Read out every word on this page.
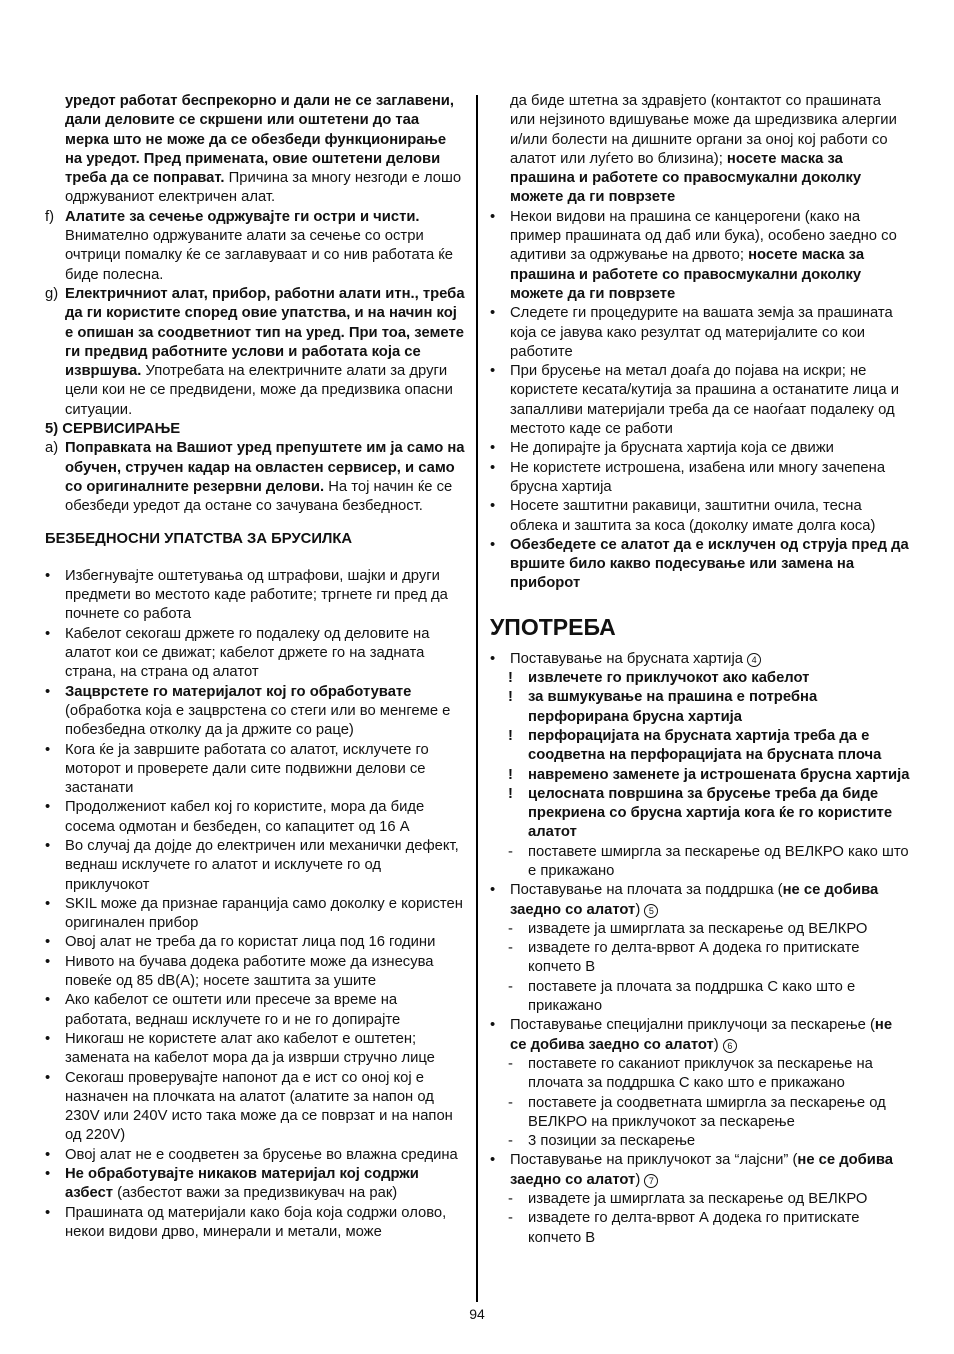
уредот работат беспрекорно и дали не се заглавени, дали деловите се скршени или оштетени до таа мерка што не може да се обезбеди функционирање на уредот. Пред примената, овие оштетени делови треба да се поправат. Причина за многу незгоди е лошо одржуваниот електричен алат.
f) Алатите за сечење одржувајте ги остри и чисти. Внимателно одржуваните алати за сечење со остри очтрици помалку ќе се заглавуваат и со нив работата ќе биде полесна.
g) Електричниот алат, прибор, работни алати итн., треба да ги користите според овие упатства, и на начин кој е опишан за соодветниот тип на уред. При тоа, земете ги предвид работните услови и работата која се извршува. Употребата на електричните алати за други цели кои не се предвидени, може да предизвика опасни ситуации.
5) СЕРВИСИРАЊЕ
a) Поправката на Вашиот уред препуштете им ја само на обучен, стручен кадар на овластен сервисер, и само со оригиналните резервни делови. На тој начин ќе се обезбеди уредот да остане со зачувана безбедност.
БЕЗБЕДНОСНИ УПАТСТВА ЗА БРУСИЛКА
• Избегнувајте оштетувања од штрафови, шајки и други предмети во местото каде работите; тргнете ги пред да почнете со работа
• Кабелот секогаш држете го подалеку од деловите на алатот кои се движат; кабелот држете го на задната страна, на страна од алатот
• Зацврстете го материјалот кој го обработувате (обработка која е зацврстена со стеги или во менгеме е побезбедна отколку да ја држите со раце)
• Кога ќе ја завршите работата со алатот, исклучете го моторот и проверете дали сите подвижни делови се застанати
• Продолжениот кабел кој го користите, мора да биде сосема одмотан и безбеден, со капацитет од 16 А
• Во случај да дојде до електричен или механички дефект, веднаш исклучете го алатот и исклучете го од приклучокот
• SKIL може да признае гаранција само доколку е користен оригинален прибор
• Овој алат не треба да го користат лица под 16 години
• Нивото на бучава додека работите може да изнесува повеќе од 85 dB(A); носете заштита за ушите
• Ако кабелот се оштети или пресече за време на работата, веднаш исклучете го и не го допирајте
• Никогаш не користете алат ако кабелот е оштетен; замената на кабелот мора да ја изврши стручно лице
• Секогаш проверувајте напонот да е ист со оној кој е назначен на плочката на алатот (алатите за напон од 230V или 240V исто така може да се поврзат и на напон од 220V)
• Овој алат не е соодветен за брусење во влажна средина
• Не обработувајте никаков материјал кој содржи азбест (азбестот важи за предизвикувач на рак)
• Прашината од материјали како боја која содржи олово, некои видови дрво, минерали и метали, може
да биде штетна за здравјето (контактот со прашината или нејзиното вдишување може да шредизвика алергии и/или болести на дишните органи за оној кој работи со алатот или луѓето во близина); носете маска за прашина и работете со правосмукални доколку можете да ги поврзете
• Некои видови на прашина се канцерогени (како на пример прашината од даб или бука), особено заедно со адитиви за одржување на дрвото; носете маска за прашина и работете со правосмукални доколку можете да ги поврзете
• Следете ги процедурите на вашата земја за прашината која се јавува како резултат од материјалите со кои работите
• При брусење на метал доаѓа до појава на искри; не користете кесата/кутија за прашина а останатите лица и запалливи материјали треба да се наоѓаат подалеку од местото каде се работи
• Не допирајте ја брусната хартија која се движи
• Не користете истрошена, изабена или многу зачепена брусна хартија
• Носете заштитни ракавици, заштитни очила, тесна облека и заштита за коса (доколку имате долга коса)
• Обезбедете се алатот да е исклучен од струја пред да вршите било какво подесување или замена на приборот
УПОТРЕБА
• Поставување на брусната хартија 4
! извлечете го приклучокот ако кабелот
! за вшмукување на прашина е потребна перфорирана брусна хартија
! перфорацијата на брусната хартија треба да е соодветна на перфорацијата на брусната плоча
! навремено заменете ја истрошената брусна хартија
! целосната површина за брусење треба да биде прекриена со брусна хартија кога ќе го користите алатот
- поставете шмиргла за пескарење од ВЕЛКРО како што е прикажано
• Поставување на плочата за поддршка (не се добива заедно со алатот) 5
- извадете ја шмирглата за пескарење од ВЕЛКРО
- извадете го делта-врвот А додека го притискате копчето В
- поставете ја плочата за поддршка C како што е прикажано
• Поставување специјални приклучоци за пескарење (не се добива заедно со алатот) 6
- поставете го саканиот приклучок за пескарење на плочата за поддршка C како што е прикажано
- поставете ја соодветната шмиргла за пескарење од ВЕЛКРО на приклучокот за пескарење
- 3 позиции за пескарење
• Поставување на приклучокот за “лајсни” (не се добива заедно со алатот) 7
- извадете ја шмирглата за пескарење од ВЕЛКРО
- извадете го делта-врвот А додека го притискате копчето В
94
